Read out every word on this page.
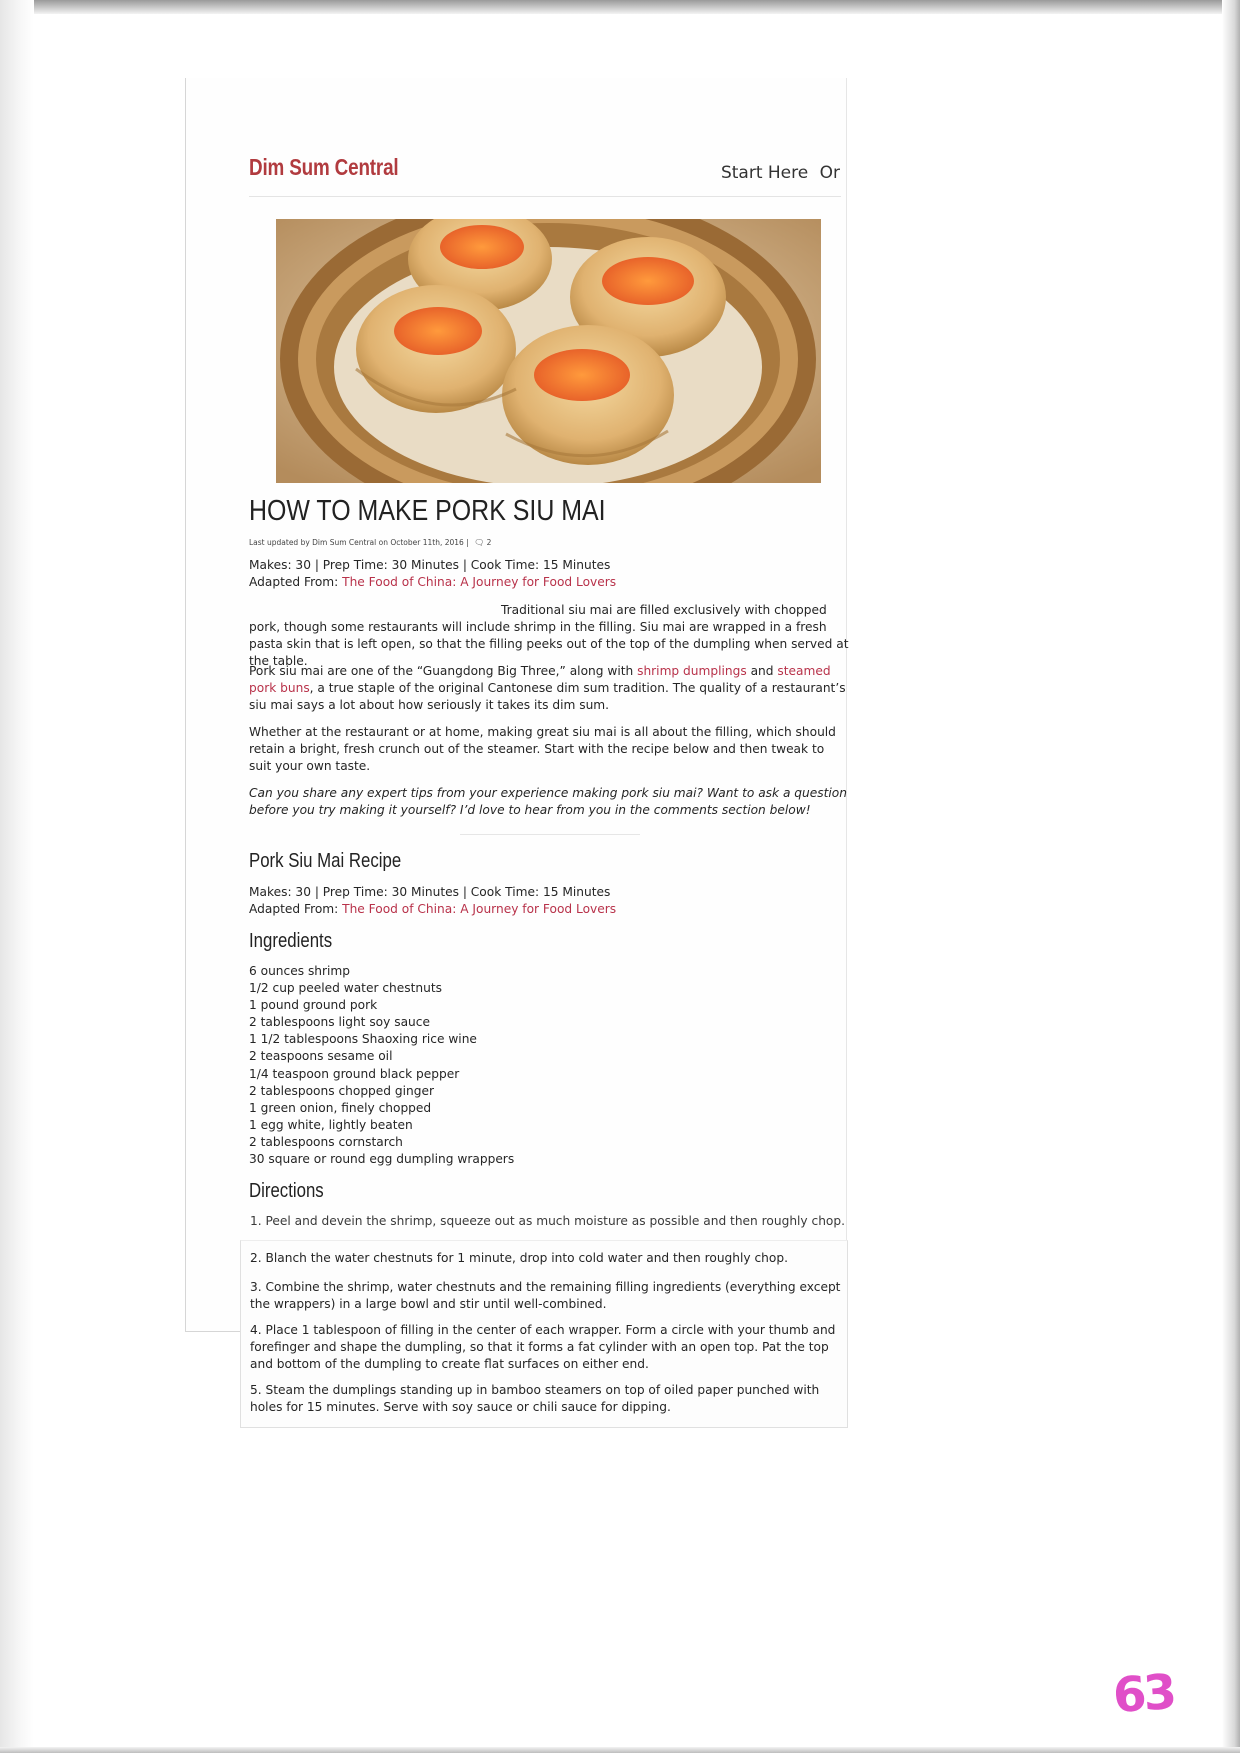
Dim Sum Central	Start Here Or
HOW TO MAKE PORK SIU MAI
Last updated by Dim Sum Central on October 11th, 2016 | 🗨 2
Makes: 30 | Prep Time: 30 Minutes | Cook Time: 15 Minutes
Adapted From: The Food of China: A Journey for Food Lovers
Traditional siu mai are filled exclusively with chopped pork, though some restaurants will include shrimp in the filling. Siu mai are wrapped in a fresh pasta skin that is left open, so that the filling peeks out of the top of the dumpling when served at the table.
Pork siu mai are one of the “Guangdong Big Three,” along with shrimp dumplings and steamed pork buns, a true staple of the original Cantonese dim sum tradition. The quality of a restaurant’s siu mai says a lot about how seriously it takes its dim sum.
Whether at the restaurant or at home, making great siu mai is all about the filling, which should retain a bright, fresh crunch out of the steamer. Start with the recipe below and then tweak to suit your own taste.
Can you share any expert tips from your experience making pork siu mai? Want to ask a question before you try making it yourself? I’d love to hear from you in the comments section below!
Pork Siu Mai Recipe
Makes: 30 | Prep Time: 30 Minutes | Cook Time: 15 Minutes
Adapted From: The Food of China: A Journey for Food Lovers
Ingredients
6 ounces shrimp
1/2 cup peeled water chestnuts
1 pound ground pork
2 tablespoons light soy sauce
1 1/2 tablespoons Shaoxing rice wine
2 teaspoons sesame oil
1/4 teaspoon ground black pepper
2 tablespoons chopped ginger
1 green onion, finely chopped
1 egg white, lightly beaten
2 tablespoons cornstarch
30 square or round egg dumpling wrappers
Directions
1. Peel and devein the shrimp, squeeze out as much moisture as possible and then roughly chop.
2. Blanch the water chestnuts for 1 minute, drop into cold water and then roughly chop.
3. Combine the shrimp, water chestnuts and the remaining filling ingredients (everything except the wrappers) in a large bowl and stir until well-combined.
4. Place 1 tablespoon of filling in the center of each wrapper. Form a circle with your thumb and forefinger and shape the dumpling, so that it forms a fat cylinder with an open top. Pat the top and bottom of the dumpling to create flat surfaces on either end.
5. Steam the dumplings standing up in bamboo steamers on top of oiled paper punched with holes for 15 minutes. Serve with soy sauce or chili sauce for dipping.

63
